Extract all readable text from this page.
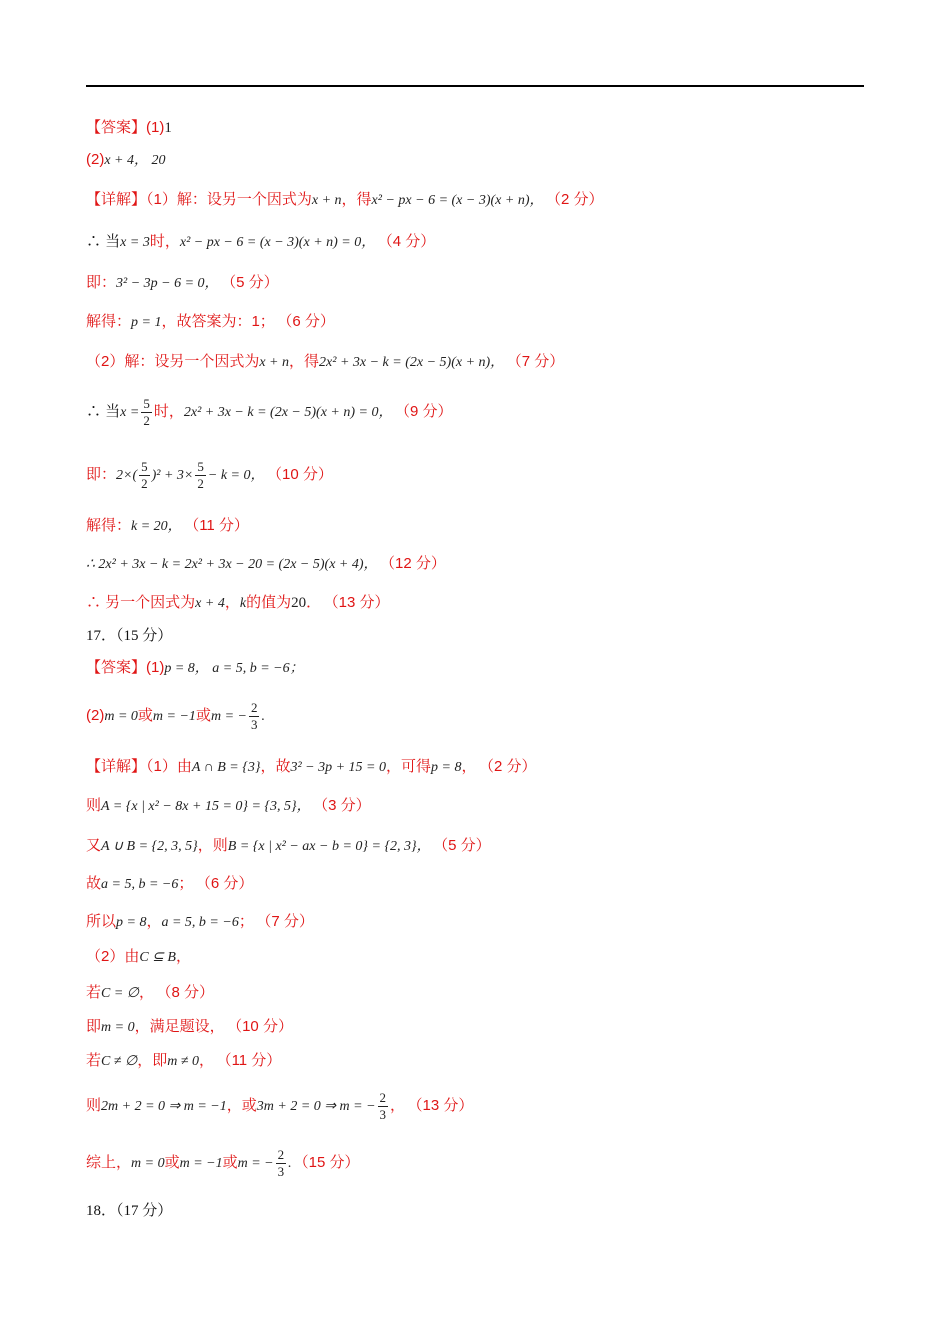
【答案】(1)1
(2)x + 4， 20
【详解】（1）解：设另一个因式为x + n，得x² − px − 6 = (x − 3)(x + n)， （2 分）
∴ 当x = 3时，x² − px − 6 = (x − 3)(x + n) = 0， （4 分）
即：3² − 3p − 6 = 0， （5 分）
解得：p = 1，故答案为：1； （6 分）
（2）解：设另一个因式为x + n，得2x² + 3x − k = (2x − 5)(x + n)， （7 分）
∴ 当$x = \frac{5}{2}$ 时，2x² + 3x − k = (2x − 5)(x + n) = 0， （9 分）
即：$2\times( \frac{5}{2} )^2 + 3\times \frac{5}{2} - k = 0$， （10 分）
解得：k = 20， （11 分）
∴ 2x² + 3x − k = 2x² + 3x − 20 = (2x − 5)(x + 4)， （12 分）
∴ 另一个因式为x + 4，k的值为20． （13 分）
17．（15 分）
【答案】(1)p = 8， a = 5, b = −6；
(2)m = 0或m = −1或m = − $\frac{2}{3}$ .
【详解】（1）由A ∩ B = {3}，故3² − 3p + 15 = 0，可得p = 8， （2 分）
则A = {x | x² − 8x + 15 = 0} = {3, 5}， （3 分）
又A ∪ B = {2, 3, 5}，则B = {x | x² − ax − b = 0} = {2, 3}， （5 分）
故a = 5, b = −6； （6 分）
所以p = 8，a = 5, b = −6； （7 分）
（2）由C ⊆ B，
若C = ∅， （8 分）
即m = 0，满足题设， （10 分）
若C ≠ ∅，即m ≠ 0， （11 分）
则2m + 2 = 0 ⇒ m = −1，或3m + 2 = 0 ⇒ m = − $\frac{2}{3}$ ， （13 分）
综上，m = 0或m = −1或m = − $\frac{2}{3}$ . （15 分）
18．（17 分）
